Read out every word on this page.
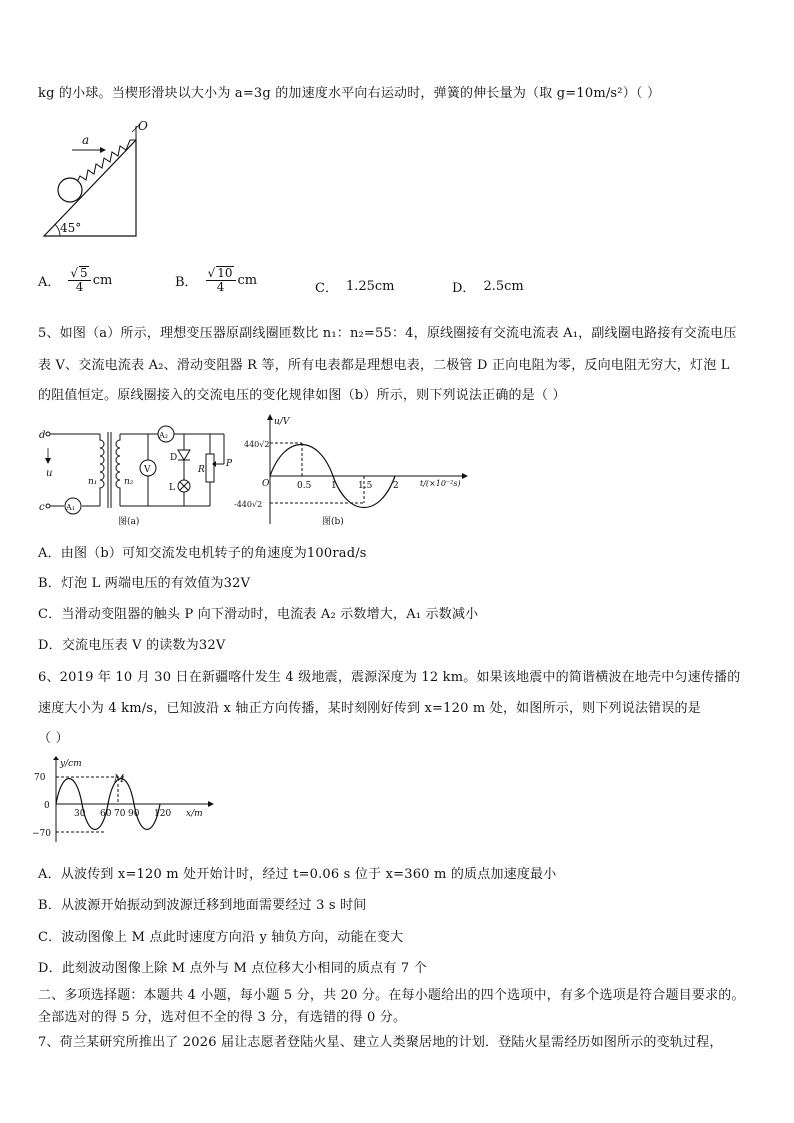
kg 的小球。当楔形滑块以大小为 a=3g 的加速度水平向右运动时，弹簧的伸长量为（取 g=10m/s²）（ ）
45°
a
O
A． $\frac{√ 5}{4}$ cm	B． $\frac{√ 10}{4}$ cm
C． 1.25cm	D． 2.5cm
5、如图（a）所示，理想变压器原副线圈匝数比 n₁：n₂=55：4，原线圈接有交流电流表 A₁，副线圈电路接有交流电压
表 V、交流电流表 A₂、滑动变阻器 R 等，所有电表都是理想电表，二极管 D 正向电阻为零，反向电阻无穷大，灯泡 L
的阻值恒定。原线圈接入的交流电压的变化规律如图（b）所示，则下列说法正确的是（ ）
d
c
u
A₁
n₁	n₂
A₂
V
D
L
R
P
图(a)
u/V
440√2
-440√2
O	0.5 1 1.5 2	t/(×10⁻²s)
图(b)
A．由图（b）可知交流发电机转子的角速度为100rad/s
B．灯泡 L 两端电压的有效值为32V
C．当滑动变阻器的触头 P 向下滑动时，电流表 A₂ 示数增大，A₁ 示数减小
D．交流电压表 V 的读数为32V
6、2019 年 10 月 30 日在新疆喀什发生 4 级地震，震源深度为 12 km。如果该地震中的简谐横波在地壳中匀速传播的
速度大小为 4 km/s，已知波沿 x 轴正方向传播，某时刻刚好传到 x=120 m 处，如图所示，则下列说法错误的是
（ ）
y/cm
70
0
−70
M
30 60 70 90 120 x/m
A．从波传到 x=120 m 处开始计时，经过 t=0.06 s 位于 x=360 m 的质点加速度最小
B．从波源开始振动到波源迁移到地面需要经过 3 s 时间
C．波动图像上 M 点此时速度方向沿 y 轴负方向，动能在变大
D．此刻波动图像上除 M 点外与 M 点位移大小相同的质点有 7 个
二、多项选择题：本题共 4 小题，每小题 5 分，共 20 分。在每小题给出的四个选项中，有多个选项是符合题目要求的。
全部选对的得 5 分，选对但不全的得 3 分，有选错的得 0 分。
7、荷兰某研究所推出了 2026 届让志愿者登陆火星、建立人类聚居地的计划．登陆火星需经历如图所示的变轨过程，
